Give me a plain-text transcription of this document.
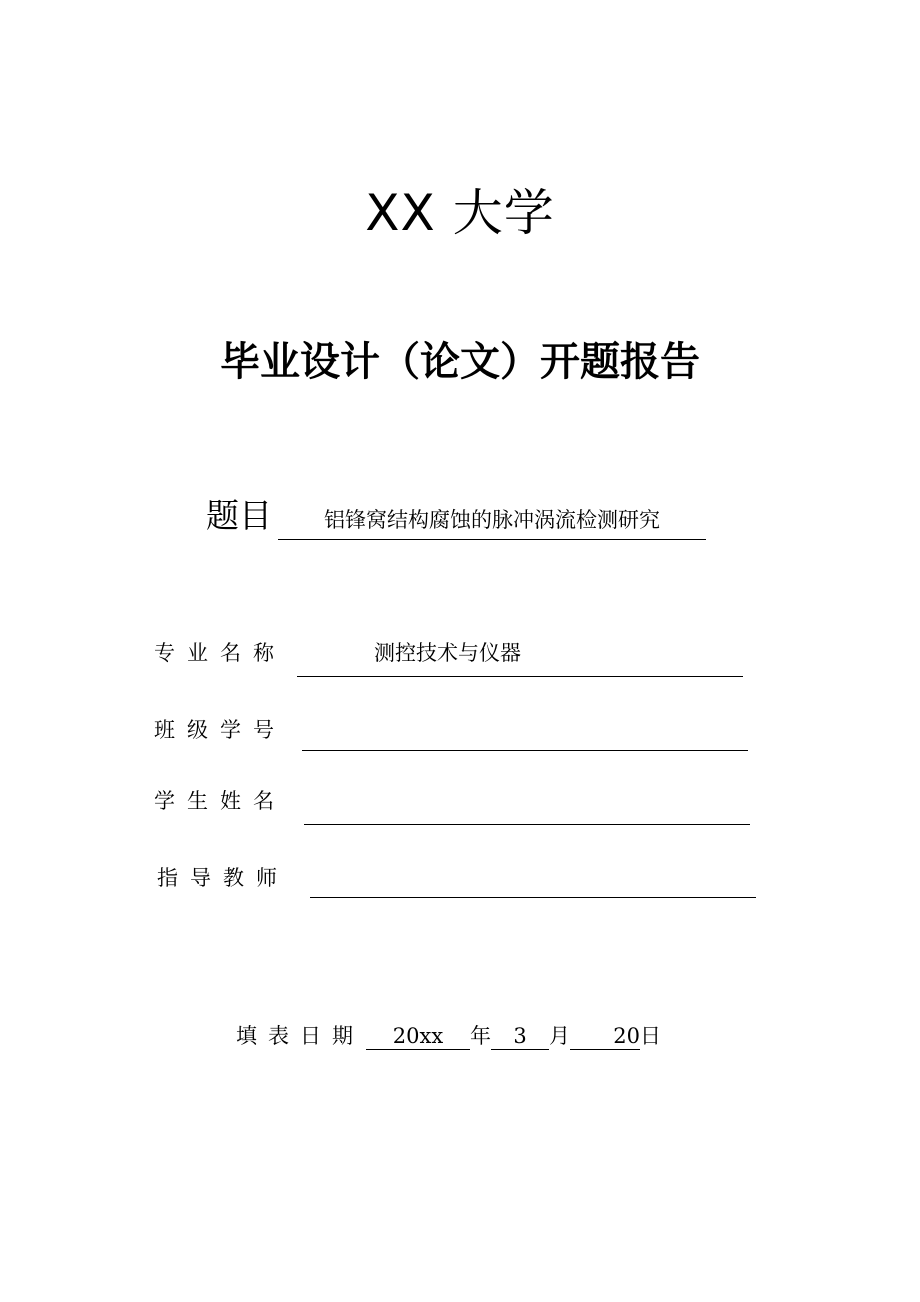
XX 大学
毕业设计（论文）开题报告
题目	铝锋窝结构腐蚀的脉冲涡流检测研究
专业名称	测控技术与仪器
班级学号
学生姓名
指导教师
填表日期	20xx	年	3	月	20 日
